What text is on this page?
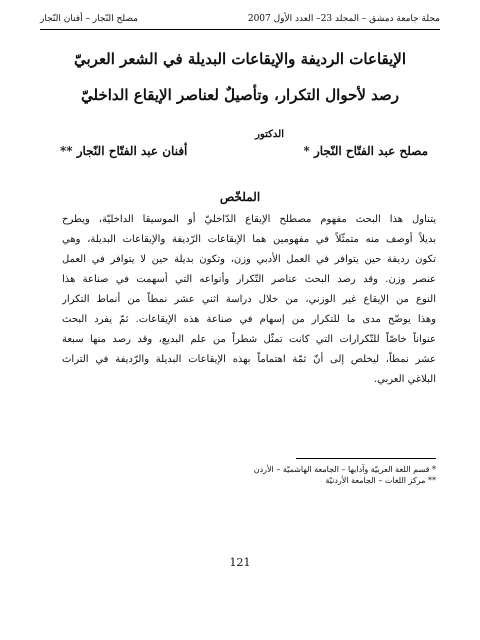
مجلة جامعة دمشق – المجلد 23– العدد الأول 2007
مصلح النّجار – أفنان النّجار
الإيقاعات الرديفة والإيقاعات البديلة في الشعر العربيّ
رصد لأحوال التكرار، وتأصيلٌ لعناصر الإيقاع الداخليّ
الدكتور
مصلح عبد الفتّاح النّجار *
أفنان عبد الفتّاح النّجار **
الملخّص
يتناول هذا البحث مفهوم مصطلح الإيقاع الدّاخليّ أو الموسيقا الداخليّة، ويطرح
بديلاً أوصف منه متمثّلاً في مفهومين هما الإيقاعات الرّديفة والإيقاعات البديلة، وهي
تكون رديفة حين يتوافر في العمل الأدبي وزن، وتكون بديلة حين لا يتوافر في العمل
عنصر وزن. وقد رصد البحث عناصر التّكرار وأنواعه التي أسهمت في صناعة هذا
النوع من الإيقاع غير الوزني، من خلال دراسة اثني عشر نمطاً من أنماط التكرار
وهذا يوضّح مدى ما للتكرار من إسهام في صناعة هذه الإيقاعات. ثمّ يفرد البحث
عنواناً خاصّاً للتّكرارات التي كانت تمثّل شطراً من علم البديع، وقد رصد منها سبعة
عشر نمطاً، ليخلص إلى أنّ ثمّة اهتماماً بهذه الإيقاعات البديلة والرّديفة في التراث
البلاغي العربي.
* قسم اللغة العربيّة وآدابها – الجامعة الهاشميّة – الأردن
** مركز اللغات – الجامعة الأردنيّة
121
